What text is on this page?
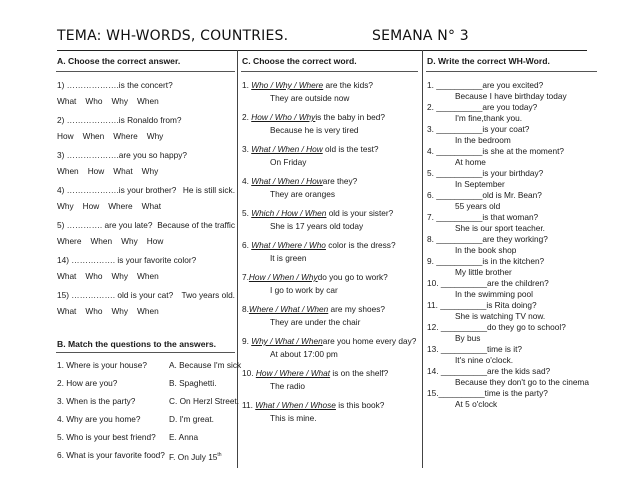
TEMA: WH-WORDS, COUNTRIES.	SEMANA N° 3
A. Choose the correct answer.
1) ……………….is the concert?
What Who Why When
2) ……………….is Ronaldo from?
How When Where Why
3) ……………….are you so happy?
When How What Why
4) ……………….is your brother? He is still sick.
Why How Where What
5) …………. are you late? Because of the traffic
Where When Why How
14) ……………. is your favorite color?
What Who Why When
15) ……………. old is your cat? Two years old.
What Who Why When
B. Match the questions to the answers.
1. Where is your house?	A. Because I'm sick
2. How are you?	B. Spaghetti.
3. When is the party?	C. On Herzl Street.
4. Why are you home?	D. I'm great.
5. Who is your best friend?	E. Anna
6. What is your favorite food? F. On July 15th
C. Choose the correct word.
1. Who / Why / Where are the kids?
They are outside now
2. How / Who / Whyis the baby in bed?
Because he is very tired
3. What / When / How old is the test?
On Friday
4. What / When / Howare they?
They are oranges
5. Which / How / When old is your sister?
She is 17 years old today
6. What / Where / Who color is the dress?
It is green
7.How / When / Whydo you go to work?
I go to work by car
8.Where / What / When are my shoes?
They are under the chair
9. Why / What / Whenare you home every day?
At about 17:00 pm
10. How / Where / What is on the shelf?
The radio
11. What / When / Whose is this book?
This is mine.
D. Write the correct WH-Word.
1. __________are you excited?
Because I have birthday today
2. __________are you today?
I'm fine,thank you.
3. __________is your coat?
In the bedroom
4. __________is she at the moment?
At home
5. __________is your birthday?
In September
6. __________old is Mr. Bean?
55 years old
7. __________is that woman?
She is our sport teacher.
8. __________are they working?
In the book shop
9. __________is in the kitchen?
My little brother
10. __________are the children?
In the swimming pool
11. __________is Rita doing?
She is watching TV now.
12. __________do they go to school?
By bus
13. __________time is it?
It's nine o'clock.
14. __________are the kids sad?
Because they don't go to the cinema
15.__________time is the party?
At 5 o'clock
